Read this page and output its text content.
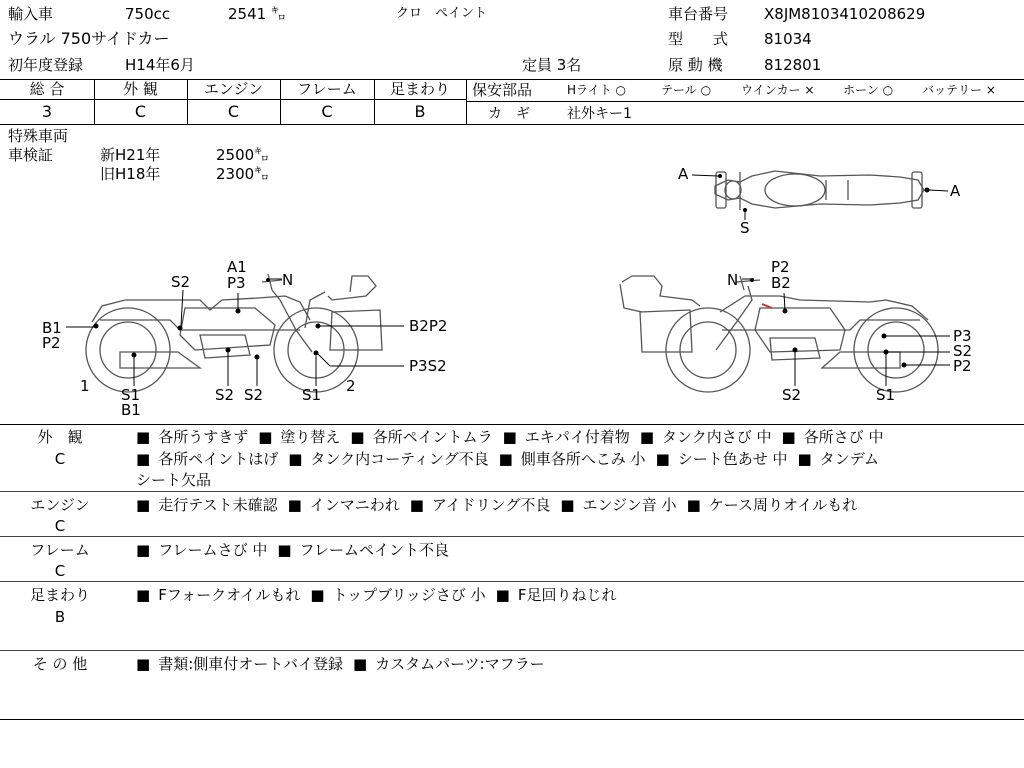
輸入車	750cc	2541 ㌔	クロ　ペイント
ウラル 750サイドカー
初年度登録	H14年6月	定員 3名
車台番号 X8JM8103410208629
型　　式 81034
原 動 機	812801
総 合	外 観	エンジン	フレーム	足まわり
3	C	C	C	B
保安部品	Hライト ○	テール ○ ウインカー × ホーン ○ バッテリー ×
カ　ギ	社外キー1
特殊車両
車検証	新H21年	2500㌔
旧H18年	2300㌔	A
A
S
A1
P3 N
S2
B1
P2
B2P2
P3S2
1 S1
B1
S2 S2	S1 2
N
P2
B2
P3
S2
P2
S2	S1
外　観
C
■ 各所うすきず ■ 塗り替え ■ 各所ペイントムラ ■ エキパイ付着物 ■ タンク内さび 中 ■ 各所さび 中
■ 各所ペイントはげ ■ タンク内コーティング不良 ■ 側車各所へこみ 小 ■ シート色あせ 中 ■ タンデム
シート欠品
エンジン
C
■ 走行テスト未確認 ■ インマニわれ ■ アイドリング不良 ■ エンジン音 小 ■ ケース周りオイルもれ
フレーム
C
■ フレームさび 中 ■ フレームペイント不良
足まわり
B
■ Fフォークオイルもれ ■ トップブリッジさび 小 ■ F足回りねじれ
そ の 他	■ 書類:側車付オートバイ登録 ■ カスタムパーツ:マフラー
